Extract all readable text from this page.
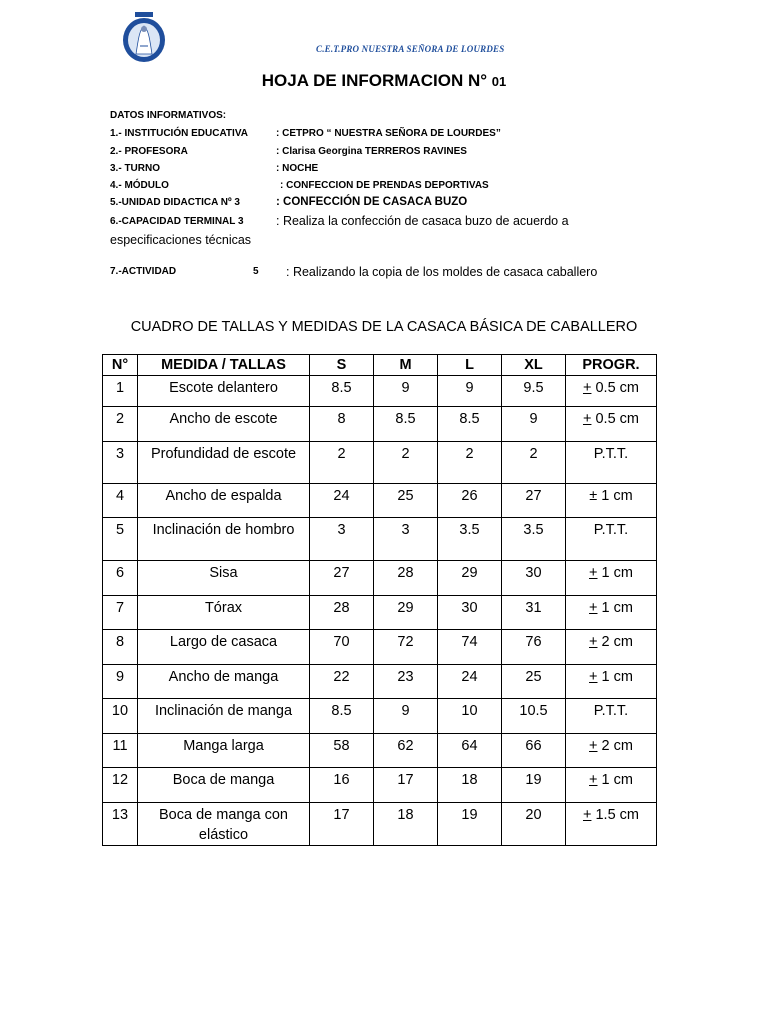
C.E.T.PRO NUESTRA SEÑORA DE LOURDES
HOJA DE INFORMACION N° 01
DATOS INFORMATIVOS:
1.- INSTITUCIÓN EDUCATIVA	: CETPRO “ NUESTRA SEÑORA DE LOURDES”
2.- PROFESORA	: Clarisa Georgina TERREROS RAVINES
3.- TURNO	: NOCHE
4.- MÓDULO	: CONFECCION DE PRENDAS DEPORTIVAS
5.-UNIDAD DIDACTICA Nº 3	: CONFECCIÓN DE CASACA BUZO
6.-CAPACIDAD TERMINAL 3	: Realiza la confección de casaca buzo de acuerdo a
especificaciones técnicas
7.-ACTIVIDAD	5 : Realizando la copia de los moldes de casaca caballero
CUADRO DE TALLAS Y MEDIDAS DE LA CASACA BÁSICA DE CABALLERO
N°	MEDIDA / TALLAS	S	M	L	XL	PROGR.
1	Escote delantero	8.5	9	9	9.5	+ 0.5 cm
2	Ancho de escote	8	8.5	8.5	9	+ 0.5 cm
3	Profundidad de escote	2	2	2	2	P.T.T.
4	Ancho de espalda	24	25	26	27	± 1 cm
5	Inclinación de hombro	3	3	3.5	3.5	P.T.T.
6	Sisa	27	28	29	30	+ 1 cm
7	Tórax	28	29	30	31	+ 1 cm
8	Largo de casaca	70	72	74	76	+ 2 cm
9	Ancho de manga	22	23	24	25	+ 1 cm
10	Inclinación de manga	8.5	9	10	10.5	P.T.T.
11	Manga larga	58	62	64	66	+ 2 cm
12	Boca de manga	16	17	18	19	+ 1 cm
13	Boca de manga con elástico	17	18	19	20	+ 1.5 cm
